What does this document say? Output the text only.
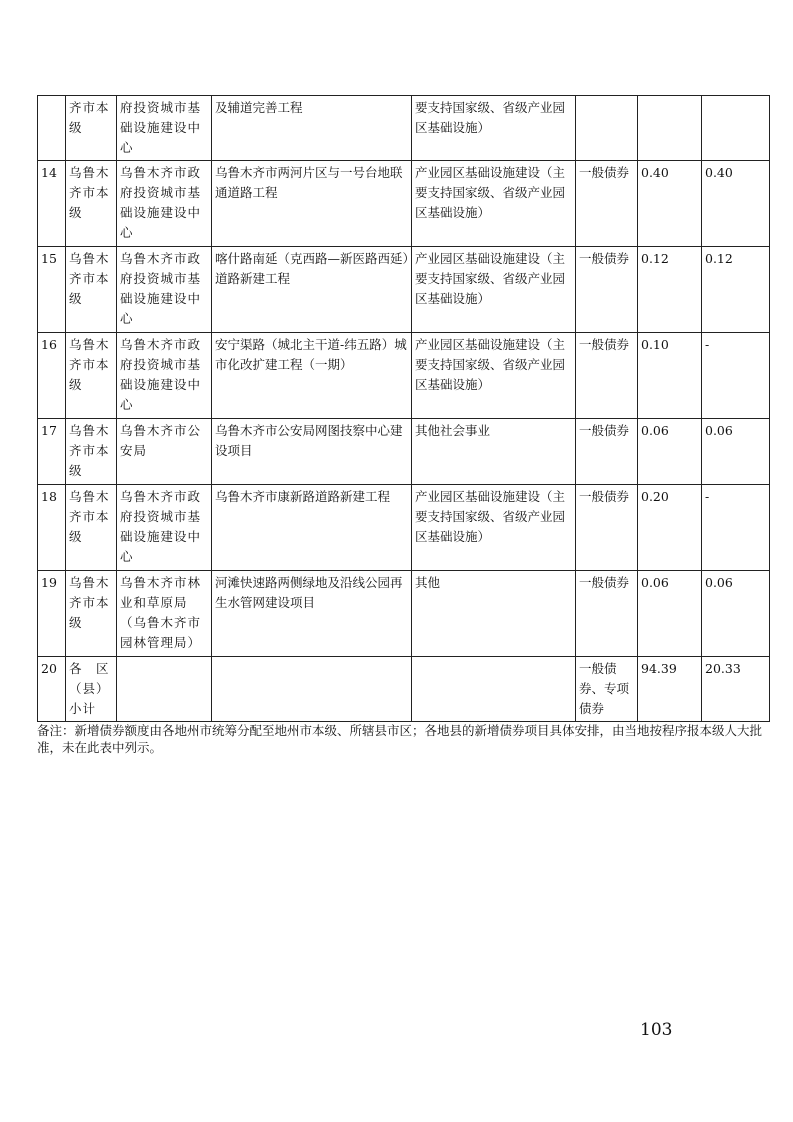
	齐市本级	府投资城市基础设施建设中心	及辅道完善工程	要支持国家级、省级产业园区基础设施）			
14	乌鲁木齐市本级	乌鲁木齐市政府投资城市基础设施建设中心	乌鲁木齐市两河片区与一号台地联通道路工程	产业园区基础设施建设（主要支持国家级、省级产业园区基础设施）	一般债券	0.40	0.40
15	乌鲁木齐市本级	乌鲁木齐市政府投资城市基础设施建设中心	喀什路南延（克西路—新医路西延）道路新建工程	产业园区基础设施建设（主要支持国家级、省级产业园区基础设施）	一般债券	0.12	0.12
16	乌鲁木齐市本级	乌鲁木齐市政府投资城市基础设施建设中心	安宁渠路（城北主干道-纬五路）城市化改扩建工程（一期）	产业园区基础设施建设（主要支持国家级、省级产业园区基础设施）	一般债券	0.10	-
17	乌鲁木齐市本级	乌鲁木齐市公安局	乌鲁木齐市公安局网图技察中心建设项目	其他社会事业	一般债券	0.06	0.06
18	乌鲁木齐市本级	乌鲁木齐市政府投资城市基础设施建设中心	乌鲁木齐市康新路道路新建工程	产业园区基础设施建设（主要支持国家级、省级产业园区基础设施）	一般债券	0.20	-
19	乌鲁木齐市本级	乌鲁木齐市林业和草原局（乌鲁木齐市园林管理局）	河滩快速路两侧绿地及沿线公园再生水管网建设项目	其他	一般债券	0.06	0.06
20	各　区（县）小计				一般债券、专项债券	94.39	20.33

备注：新增债券额度由各地州市统筹分配至地州市本级、所辖县市区；各地县的新增债券项目具体安排，由当地按程序报本级人大批准，未在此表中列示。

103
